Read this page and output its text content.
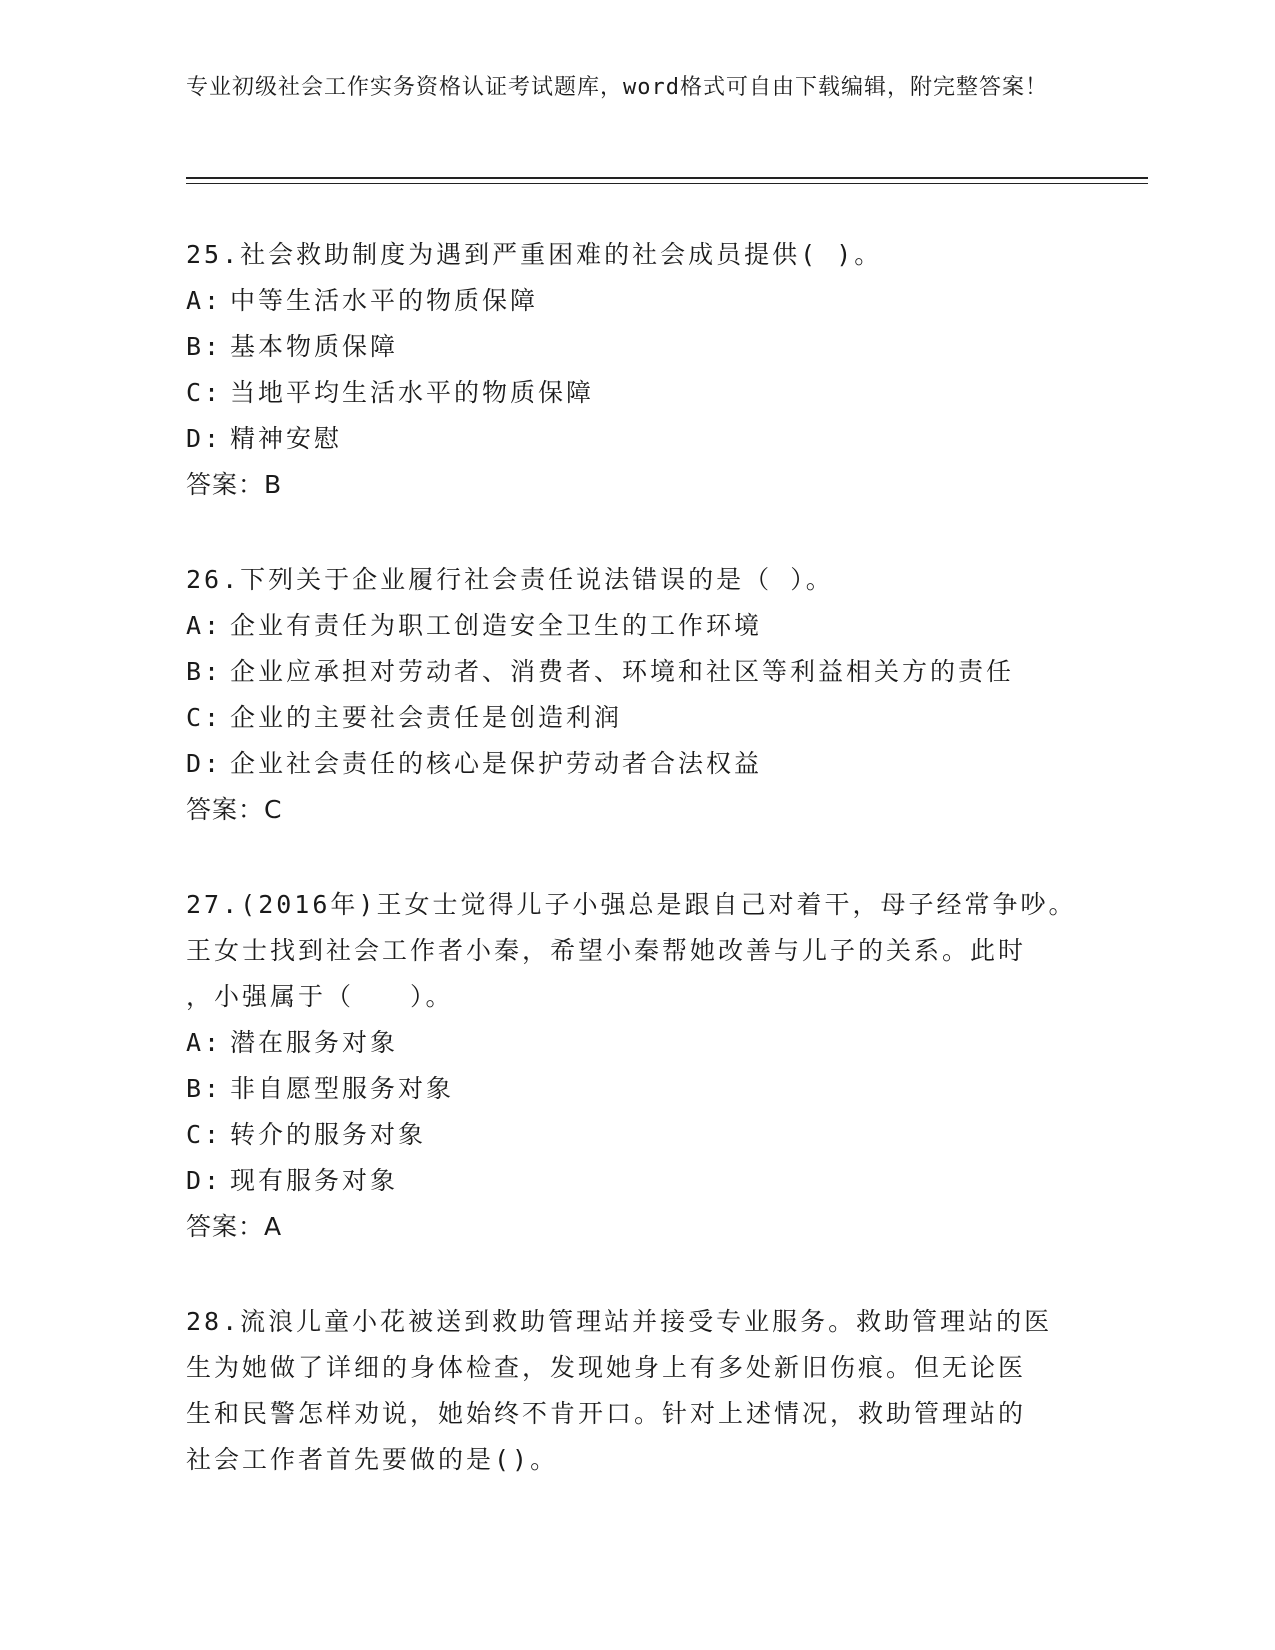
专业初级社会工作实务资格认证考试题库，word格式可自由下载编辑，附完整答案！
25.社会救助制度为遇到严重困难的社会成员提供( )。
A: 中等生活水平的物质保障
B: 基本物质保障
C: 当地平均生活水平的物质保障
D: 精神安慰
答案：B
26.下列关于企业履行社会责任说法错误的是（ ）。
A: 企业有责任为职工创造安全卫生的工作环境
B: 企业应承担对劳动者、消费者、环境和社区等利益相关方的责任
C: 企业的主要社会责任是创造利润
D: 企业社会责任的核心是保护劳动者合法权益
答案：C
27.(2016年)王女士觉得儿子小强总是跟自己对着干，母子经常争吵。
王女士找到社会工作者小秦，希望小秦帮她改善与儿子的关系。此时
，小强属于（　　）。
A: 潜在服务对象
B: 非自愿型服务对象
C: 转介的服务对象
D: 现有服务对象
答案：A
28.流浪儿童小花被送到救助管理站并接受专业服务。救助管理站的医
生为她做了详细的身体检查，发现她身上有多处新旧伤痕。但无论医
生和民警怎样劝说，她始终不肯开口。针对上述情况，救助管理站的
社会工作者首先要做的是()。
